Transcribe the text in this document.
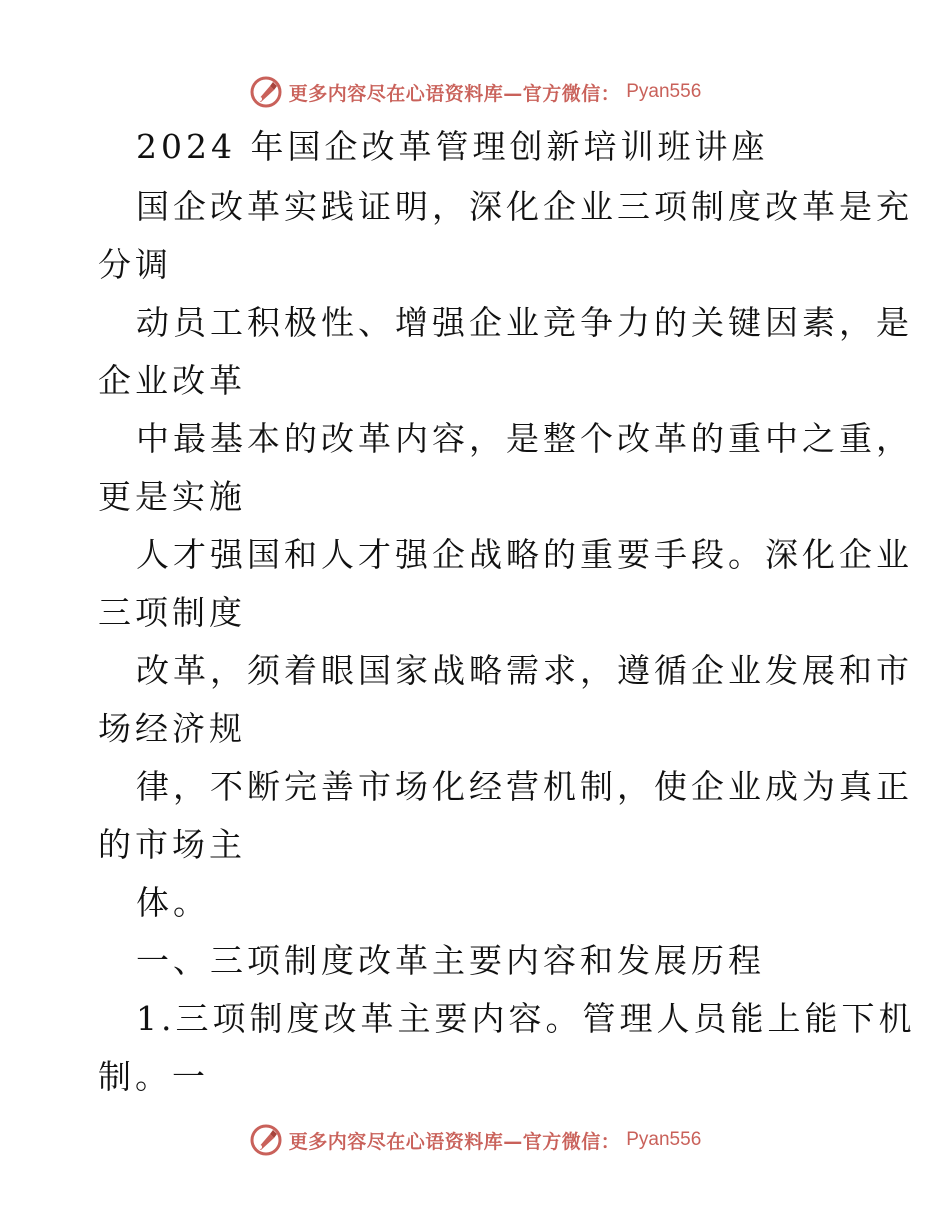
更多内容尽在心语资料库—官方微信： Pyan556
2024 年国企改革管理创新培训班讲座
国企改革实践证明，深化企业三项制度改革是充
分调
动员工积极性、增强企业竞争力的关键因素，是
企业改革
中最基本的改革内容，是整个改革的重中之重，
更是实施
人才强国和人才强企战略的重要手段。深化企业
三项制度
改革，须着眼国家战略需求，遵循企业发展和市
场经济规
律，不断完善市场化经营机制，使企业成为真正
的市场主
体。
一、三项制度改革主要内容和发展历程
1.三项制度改革主要内容。管理人员能上能下机
制。一
更多内容尽在心语资料库—官方微信： Pyan556
